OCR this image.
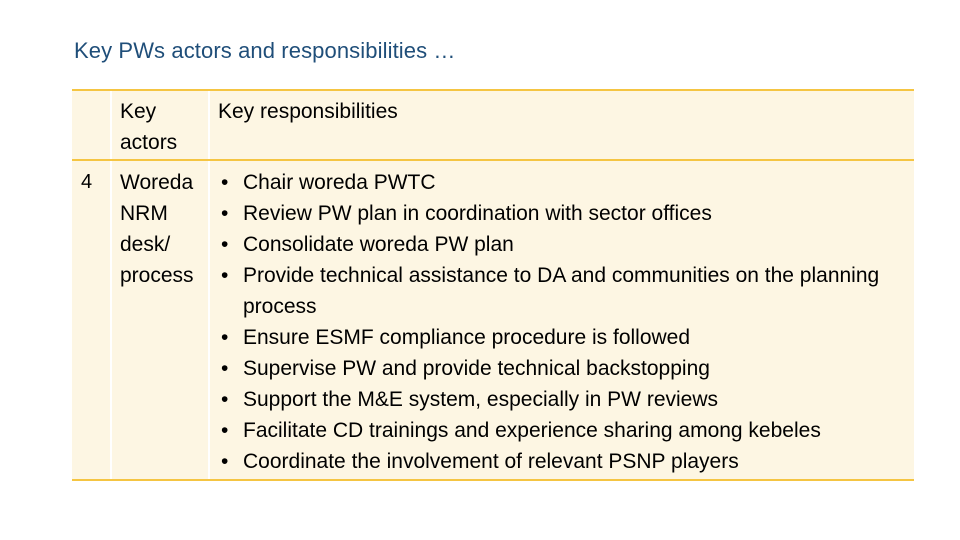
Key PWs actors and responsibilities …
Key actors
Key responsibilities
4 Woreda NRM desk/ process
• Chair woreda PWTC
• Review PW plan in coordination with sector offices
• Consolidate woreda PW plan
• Provide technical assistance to DA and communities on the planning process
• Ensure ESMF compliance procedure is followed
• Supervise PW and provide technical backstopping
• Support the M&E system, especially in PW reviews
• Facilitate CD trainings and experience sharing among kebeles
• Coordinate the involvement of relevant PSNP players
